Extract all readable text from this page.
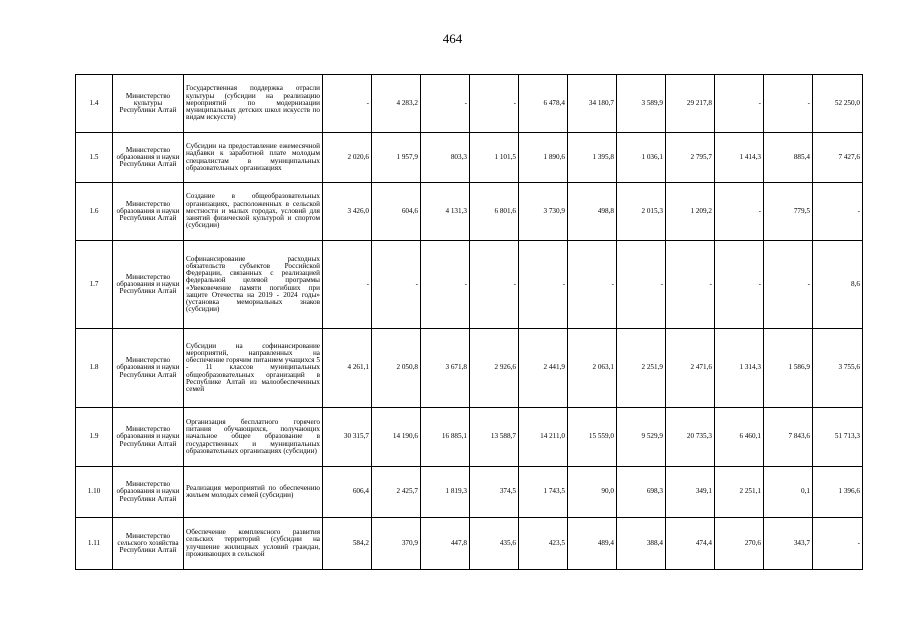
464
1.4	Министерство культуры Республики Алтай	Государственная поддержка отрасли культуры (субсидии на реализацию мероприятий по модернизации муниципальных детских школ искусств по видам искусств)	-	4 283,2	-	-	6 478,4	34 180,7	3 589,9	29 217,8	-	-	52 250,0
1.5	Министерство образования и науки Республики Алтай	Субсидии на предоставление ежемесячной надбавки к заработной плате молодым специалистам в муниципальных образовательных организациях	2 020,6	1 957,9	803,3	1 101,5	1 890,6	1 395,8	1 036,1	2 795,7	1 414,3	885,4	7 427,6
1.6	Министерство образования и науки Республики Алтай	Создание в общеобразовательных организациях, расположенных в сельской местности и малых городах, условий для занятий физической культурой и спортом (субсидии)	3 426,0	604,6	4 131,3	6 801,6	3 730,9	498,8	2 015,3	1 209,2	-	779,5	-
1.7	Министерство образования и науки Республики Алтай	Софинансирование расходных обязательств субъектов Российской Федерации, связанных с реализацией федеральной целевой программы «Увековечение памяти погибших при защите Отечества на 2019 - 2024 годы» (установка мемориальных знаков (субсидии)	-	-	-	-	-	-	-	-	-	-	8,6
1.8	Министерство образования и науки Республики Алтай	Субсидии на софинансирование мероприятий, направленных на обеспечение горячим питанием учащихся 5 - 11 классов муниципальных общеобразовательных организаций в Республике Алтай из малообеспеченных семей	4 261,1	2 050,8	3 671,8	2 926,6	2 441,9	2 063,1	2 251,9	2 471,6	1 314,3	1 586,9	3 755,6
1.9	Министерство образования и науки Республики Алтай	Организация бесплатного горячего питания обучающихся, получающих начальное общее образование в государственных и муниципальных образовательных организациях (субсидии)	30 315,7	14 190,6	16 885,1	13 588,7	14 211,0	15 559,0	9 529,9	20 735,3	6 460,1	7 843,6	51 713,3
1.10	Министерство образования и науки Республики Алтай	Реализация мероприятий по обеспечению жильем молодых семей (субсидии)	606,4	2 425,7	1 819,3	374,5	1 743,5	90,0	698,3	349,1	2 251,1	0,1	1 396,6
1.11	Министерство сельского хозяйства Республики Алтай	Обеспечение комплексного развития сельских территорий (субсидии на улучшение жилищных условий граждан, проживающих в сельской	584,2	370,9	447,8	435,6	423,5	489,4	388,4	474,4	270,6	343,7	-
